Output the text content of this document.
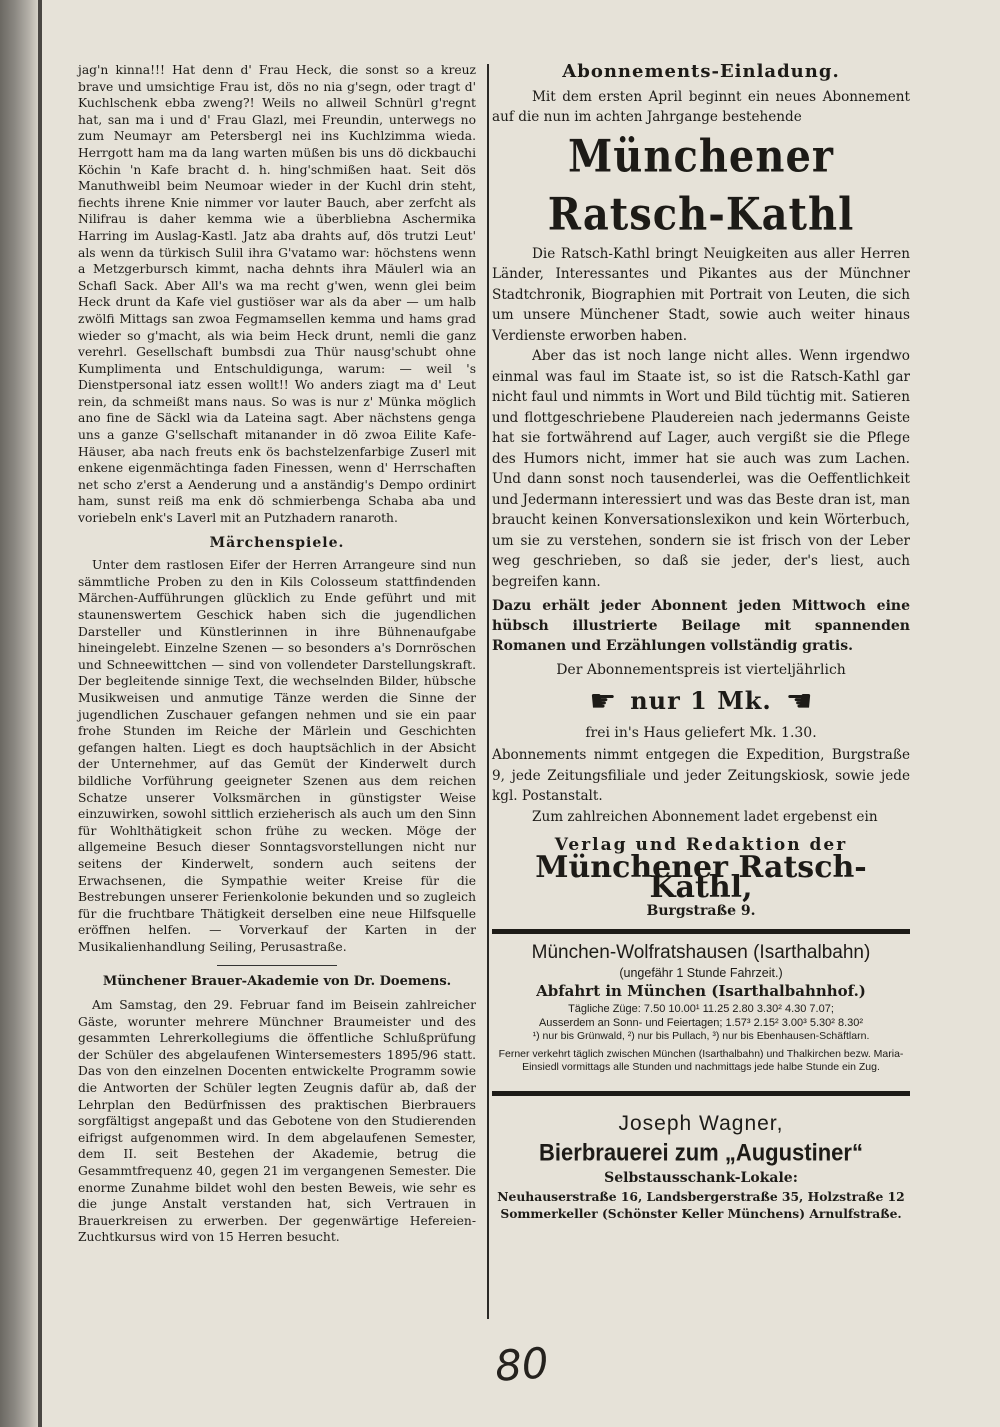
jag'n kinna!!! Hat denn d' Frau Heck, die sonst so a kreuz brave und umsichtige Frau ist, dös no nia g'segn, oder tragt d' Kuchlschenk ebba zweng?! Weils no allweil Schnürl g'regnt hat, san ma i und d' Frau Glazl, mei Freundin, unterwegs no zum Neumayr am Petersbergl nei ins Kuchlzimma wieda. Herrgott ham ma da lang warten müßen bis uns dö dickbauchi Köchin 'n Kafe bracht d. h. hing'schmißen haat. Seit dös Manuthweibl beim Neumoar wieder in der Kuchl drin steht, fiechts ihrene Knie nimmer vor lauter Bauch, aber zerfcht als Nilifrau is daher kemma wie a überbliebna Aschermika Harring im Auslag-Kastl. Jatz aba drahts auf, dös trutzi Leut' als wenn da türkisch Sulil ihra G'vatamo war: höchstens wenn a Metzgerbursch kimmt, nacha dehnts ihra Mäulerl wia an Schafl Sack. Aber All's wa ma recht g'wen, wenn glei beim Heck drunt da Kafe viel gustiöser war als da aber — um halb zwölfi Mittags san zwoa Fegmamsellen kemma und hams grad wieder so g'macht, als wia beim Heck drunt, nemli die ganz verehrl. Gesellschaft bumbsdi zua Thür nausg'schubt ohne Kumplimenta und Entschuldigunga, warum: — weil 's Dienstpersonal iatz essen wollt!! Wo anders ziagt ma d' Leut rein, da schmeißt mans naus. So was is nur z' Münka möglich ano fine de Säckl wia da Lateina sagt. Aber nächstens genga uns a ganze G'sellschaft mitanander in dö zwoa Eilite Kafe-Häuser, aba nach freuts enk ös bachstelzenfarbige Zuserl mit enkene eigenmächtinga faden Finessen, wenn d' Herrschaften net scho z'erst a Aenderung und a anständig's Dempo ordinirt ham, sunst reiß ma enk dö schmierbenga Schaba aba und voriebeln enk's Laverl mit an Putzhadern ranaroth.

Märchenspiele.

Unter dem rastlosen Eifer der Herren Arrangeure sind nun sämmtliche Proben zu den in Kils Colosseum stattfindenden Märchen-Aufführungen glücklich zu Ende geführt und mit staunenswertem Geschick haben sich die jugendlichen Darsteller und Künstlerinnen in ihre Bühnenaufgabe hineingelebt. Einzelne Szenen — so besonders a's Dornröschen und Schneewittchen — sind von vollendeter Darstellungskraft. Der begleitende sinnige Text, die wechselnden Bilder, hübsche Musikweisen und anmutige Tänze werden die Sinne der jugendlichen Zuschauer gefangen nehmen und sie ein paar frohe Stunden im Reiche der Märlein und Geschichten gefangen halten. Liegt es doch hauptsächlich in der Absicht der Unternehmer, auf das Gemüt der Kinderwelt durch bildliche Vorführung geeigneter Szenen aus dem reichen Schatze unserer Volksmärchen in günstigster Weise einzuwirken, sowohl sittlich erzieherisch als auch um den Sinn für Wohlthätigkeit schon frühe zu wecken. Möge der allgemeine Besuch dieser Sonntagsvorstellungen nicht nur seitens der Kinderwelt, sondern auch seitens der Erwachsenen, die Sympathie weiter Kreise für die Bestrebungen unserer Ferienkolonie bekunden und so zugleich für die fruchtbare Thätigkeit derselben eine neue Hilfsquelle eröffnen helfen. — Vorverkauf der Karten in der Musikalienhandlung Seiling, Perusastraße.

Münchener Brauer-Akademie von Dr. Doemens.

Am Samstag, den 29. Februar fand im Beisein zahlreicher Gäste, worunter mehrere Münchner Braumeister und des gesammten Lehrerkollegiums die öffentliche Schlußprüfung der Schüler des abgelaufenen Wintersemesters 1895/96 statt. Das von den einzelnen Docenten entwickelte Programm sowie die Antworten der Schüler legten Zeugnis dafür ab, daß der Lehrplan den Bedürfnissen des praktischen Bierbrauers sorgfältigst angepaßt und das Gebotene von den Studierenden eifrigst aufgenommen wird. In dem abgelaufenen Semester, dem II. seit Bestehen der Akademie, betrug die Gesammtfrequenz 40, gegen 21 im vergangenen Semester. Die enorme Zunahme bildet wohl den besten Beweis, wie sehr es die junge Anstalt verstanden hat, sich Vertrauen in Brauerkreisen zu erwerben. Der gegenwärtige Hefereien-Zuchtkursus wird von 15 Herren besucht.

Abonnements-Einladung.

Mit dem ersten April beginnt ein neues Abonnement auf die nun im achten Jahrgange bestehende

Münchener Ratsch-Kathl

Die Ratsch-Kathl bringt Neuigkeiten aus aller Herren Länder, Interessantes und Pikantes aus der Münchner Stadtchronik, Biographien mit Portrait von Leuten, die sich um unsere Münchener Stadt, sowie auch weiter hinaus Verdienste erworben haben.

Aber das ist noch lange nicht alles. Wenn irgendwo einmal was faul im Staate ist, so ist die Ratsch-Kathl gar nicht faul und nimmts in Wort und Bild tüchtig mit. Satieren und flottgeschriebene Plaudereien nach jedermanns Geiste hat sie fortwährend auf Lager, auch vergißt sie die Pflege des Humors nicht, immer hat sie auch was zum Lachen. Und dann sonst noch tausenderlei, was die Oeffentlichkeit und Jedermann interessiert und was das Beste dran ist, man braucht keinen Konversationslexikon und kein Wörterbuch, um sie zu verstehen, sondern sie ist frisch von der Leber weg geschrieben, so daß sie jeder, der's liest, auch begreifen kann.

Dazu erhält jeder Abonnent jeden Mittwoch eine hübsch illustrierte Beilage mit spannenden Romanen und Erzählungen vollständig gratis.
Der Abonnementspreis ist vierteljährlich
☛ nur 1 Mk. ☚
frei in's Haus geliefert Mk. 1.30.

Abonnements nimmt entgegen die Expedition, Burgstraße 9, jede Zeitungsfiliale und jeder Zeitungskiosk, sowie jede kgl. Postanstalt.

Zum zahlreichen Abonnement ladet ergebenst ein

Verlag und Redaktion der
Münchener Ratsch-Kathl,
Burgstraße 9.
München-Wolfratshausen (Isarthalbahn)
(ungefähr 1 Stunde Fahrzeit.)
Abfahrt in München (Isarthalbahnhof.)
Tägliche Züge: 7.50 10.00¹ 11.25 2.80 3.30² 4.30 7.07;
Ausserdem an Sonn- und Feiertagen; 1.57³ 2.15² 3.00³ 5.30² 8.30²
¹) nur bis Grünwald, ²) nur bis Pullach, ³) nur bis Ebenhausen-Schäftlarn.
Ferner verkehrt täglich zwischen München (Isarthalbahn) und Thalkirchen bezw. Maria-Einsiedl vormittags alle Stunden und nachmittags jede halbe Stunde ein Zug.
Joseph Wagner,
Bierbrauerei zum „Augustiner“
Selbstausschank-Lokale:
Neuhauserstraße 16, Landsbergerstraße 35, Holzstraße 12 Sommerkeller (Schönster Keller Münchens) Arnulfstraße.
80
